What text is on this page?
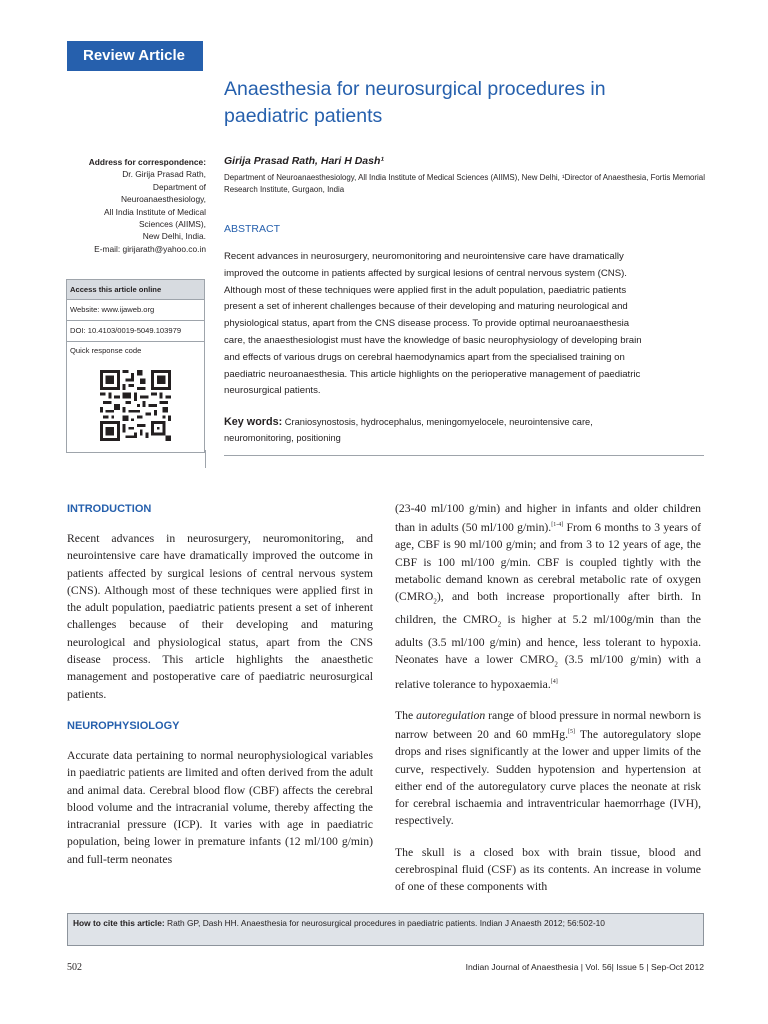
Review Article
Anaesthesia for neurosurgical procedures in
paediatric patients
Address for correspondence:
Dr. Girija Prasad Rath,
Department of
Neuroanaesthesiology,
All India Institute of Medical
Sciences (AIIMS),
New Delhi, India.
E-mail: girijarath@yahoo.co.in
Access this article online
Website: www.ijaweb.org
DOI: 10.4103/0019-5049.103979
Quick response code
Girija Prasad Rath, Hari H Dash¹
Department of Neuroanaesthesiology, All India Institute of Medical Sciences (AIIMS), New Delhi, ¹Director of Anaesthesia, Fortis Memorial Research Institute, Gurgaon, India
ABSTRACT
Recent advances in neurosurgery, neuromonitoring and neurointensive care have dramatically
improved the outcome in patients affected by surgical lesions of central nervous system (CNS).
Although most of these techniques were applied first in the adult population, paediatric patients
present a set of inherent challenges because of their developing and maturing neurological and
physiological status, apart from the CNS disease process. To provide optimal neuroanaesthesia
care, the anaesthesiologist must have the knowledge of basic neurophysiology of developing brain
and effects of various drugs on cerebral haemodynamics apart from the specialised training on
paediatric neuroanaesthesia. This article highlights on the perioperative management of paediatric
neurosurgical patients.
Key words: Craniosynostosis, hydrocephalus, meningomyelocele, neurointensive care,
neuromonitoring, positioning
INTRODUCTION

Recent advances in neurosurgery, neuromonitoring, and neurointensive care have dramatically improved the outcome in patients affected by surgical lesions of central nervous system (CNS). Although most of these techniques were applied first in the adult population, paediatric patients present a set of inherent challenges because of their developing and maturing neurological and physiological status, apart from the CNS disease process. This article highlights the anaesthetic management and postoperative care of paediatric neurosurgical patients.

NEUROPHYSIOLOGY

Accurate data pertaining to normal neurophysiological variables in paediatric patients are limited and often derived from the adult and animal data. Cerebral blood flow (CBF) affects the cerebral blood volume and the intracranial volume, thereby affecting the intracranial pressure (ICP). It varies with age in paediatric population, being lower in premature infants (12 ml/100 g/min) and full-term neonates

(23-40 ml/100 g/min) and higher in infants and older children than in adults (50 ml/100 g/min).[1-4] From 6 months to 3 years of age, CBF is 90 ml/100 g/min; and from 3 to 12 years of age, the CBF is 100 ml/100 g/min. CBF is coupled tightly with the metabolic demand known as cerebral metabolic rate of oxygen $(CMRO_2)$, and both increase proportionally after birth. In children, the $CMRO_2$ is higher at 5.2 ml/100g/min than the adults (3.5 ml/100 g/min) and hence, less tolerant to hypoxia. Neonates have a lower $CMRO_2$ (3.5 ml/100 g/min) with a relative tolerance to hypoxaemia.[4]

The autoregulation range of blood pressure in normal newborn is narrow between 20 and 60 mmHg.[5] The autoregulatory slope drops and rises significantly at the lower and upper limits of the curve, respectively. Sudden hypotension and hypertension at either end of the autoregulatory curve places the neonate at risk for cerebral ischaemia and intraventricular haemorrhage (IVH), respectively.

The skull is a closed box with brain tissue, blood and cerebrospinal fluid (CSF) as its contents. An increase in volume of one of these components with

How to cite this article: Rath GP, Dash HH. Anaesthesia for neurosurgical procedures in paediatric patients. Indian J Anaesth 2012; 56:502-10
502	Indian Journal of Anaesthesia | Vol. 56| Issue 5 | Sep-Oct 2012
